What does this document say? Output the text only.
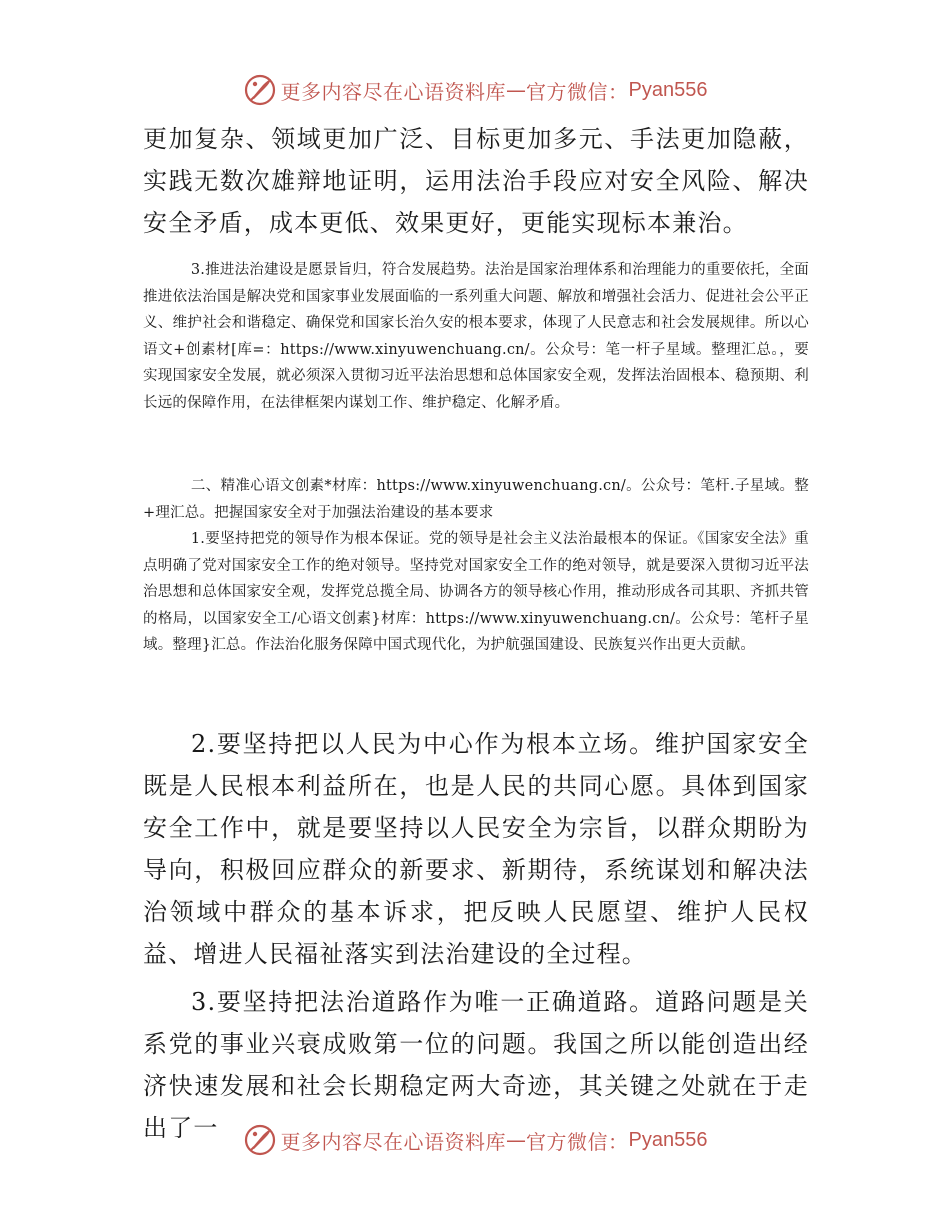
更多内容尽在心语资料库 — 官方微信： Pyan556

更加复杂、领域更加广泛、目标更加多元、手法更加隐蔽，实践无数次雄辩地证明，运用法治手段应对安全风险、解决安全矛盾，成本更低、效果更好，更能实现标本兼治。

3.推进法治建设是愿景旨归，符合发展趋势。法治是国家治理体系和治理能力的重要依托，全面推进依法治国是解决党和国家事业发展面临的一系列重大问题、解放和增强社会活力、促进社会公平正义、维护社会和谐稳定、确保党和国家长治久安的根本要求，体现了人民意志和社会发展规律。所以心语文+创素材[库=：https://www.xinyuwenchuang.cn/。公众号：笔一杆子星域。整理汇总。，要实现国家安全发展，就必须深入贯彻习近平法治思想和总体国家安全观，发挥法治固根本、稳预期、利长远的保障作用，在法律框架内谋划工作、维护稳定、化解矛盾。

二、精准心语文创素*材库：https://www.xinyuwenchuang.cn/。公众号：笔杆.子星域。整+理汇总。把握国家安全对于加强法治建设的基本要求

1.要坚持把党的领导作为根本保证。党的领导是社会主义法治最根本的保证。《国家安全法》重点明确了党对国家安全工作的绝对领导。坚持党对国家安全工作的绝对领导，就是要深入贯彻习近平法治思想和总体国家安全观，发挥党总揽全局、协调各方的领导核心作用，推动形成各司其职、齐抓共管的格局，以国家安全工/心语文创素}材库：https://www.xinyuwenchuang.cn/。公众号：笔杆子星域。整理}汇总。作法治化服务保障中国式现代化，为护航强国建设、民族复兴作出更大贡献。

2.要坚持把以人民为中心作为根本立场。维护国家安全既是人民根本利益所在，也是人民的共同心愿。具体到国家安全工作中，就是要坚持以人民安全为宗旨，以群众期盼为导向，积极回应群众的新要求、新期待，系统谋划和解决法治领域中群众的基本诉求，把反映人民愿望、维护人民权益、增进人民福祉落实到法治建设的全过程。

3.要坚持把法治道路作为唯一正确道路。道路问题是关系党的事业兴衰成败第一位的问题。我国之所以能创造出经济快速发展和社会长期稳定两大奇迹，其关键之处就在于走出了一	更多内容尽在心语资料库 — 官方微信： Pyan556
